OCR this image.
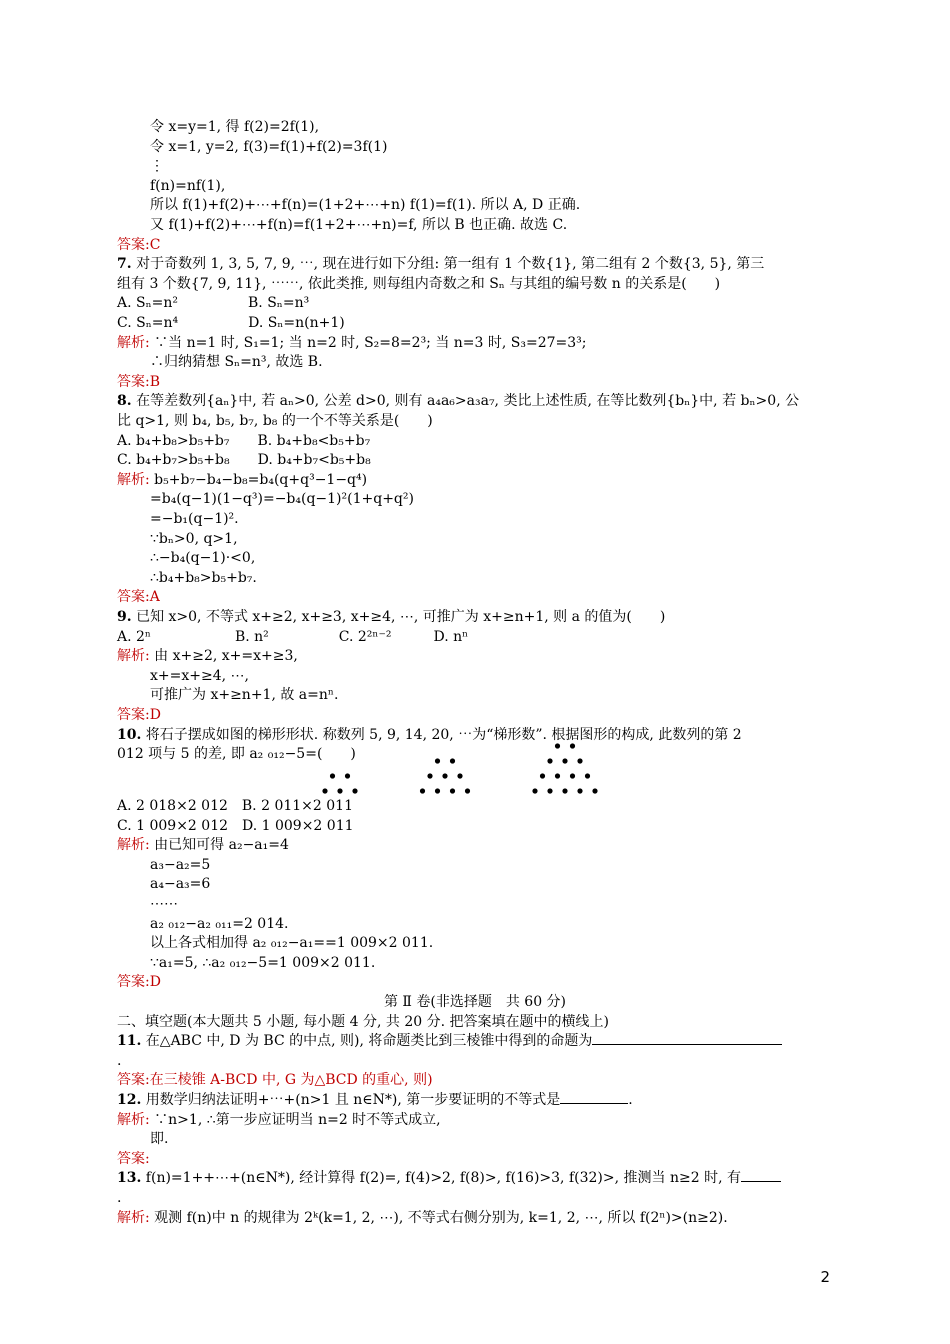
令 x=y=1, 得 f(2)=2f(1),
令 x=1, y=2, f(3)=f(1)+f(2)=3f(1)
⋮
f(n)=nf(1),
所以 f(1)+f(2)+⋯+f(n)=(1+2+⋯+n) f(1)=f(1). 所以 A, D 正确.
又 f(1)+f(2)+⋯+f(n)=f(1+2+⋯+n)=f, 所以 B 也正确. 故选 C.
答案:C
7. 对于奇数列 1, 3, 5, 7, 9, ⋯, 现在进行如下分组: 第一组有 1 个数{1}, 第二组有 2 个数{3, 5}, 第三
组有 3 个数{7, 9, 11}, ⋯⋯, 依此类推, 则每组内奇数之和 Sₙ 与其组的编号数 n 的关系是(　　)
A. Sₙ=n²　　　　　B. Sₙ=n³
C. Sₙ=n⁴　　　　　D. Sₙ=n(n+1)
解析: ∵当 n=1 时, S₁=1; 当 n=2 时, S₂=8=2³; 当 n=3 时, S₃=27=3³;
∴归纳猜想 Sₙ=n³, 故选 B.
答案:B
8. 在等差数列{aₙ}中, 若 aₙ>0, 公差 d>0, 则有 a₄a₆>a₃a₇, 类比上述性质, 在等比数列{bₙ}中, 若 bₙ>0, 公
比 q>1, 则 b₄, b₅, b₇, b₈ 的一个不等关系是(　　)
A. b₄+b₈>b₅+b₇　　B. b₄+b₈<b₅+b₇
C. b₄+b₇>b₅+b₈　　D. b₄+b₇<b₅+b₈
解析: b₅+b₇−b₄−b₈=b₄(q+q³−1−q⁴)
=b₄(q−1)(1−q³)=−b₄(q−1)²(1+q+q²)
=−b₁(q−1)².
∵bₙ>0, q>1,
∴−b₄(q−1)·<0,
∴b₄+b₈>b₅+b₇.
答案:A
9. 已知 x>0, 不等式 x+≥2, x+≥3, x+≥4, ⋯, 可推广为 x+≥n+1, 则 a 的值为(　　)
A. 2ⁿ　　　　　　B. n²　　　　　C. 2²ⁿ⁻²　　　D. nⁿ
解析: 由 x+≥2, x+=x+≥3,
x+=x+≥4, ⋯,
可推广为 x+≥n+1, 故 a=nⁿ.
答案:D
10. 将石子摆成如图的梯形形状. 称数列 5, 9, 14, 20, ⋯为“梯形数”. 根据图形的构成, 此数列的第 2
012 项与 5 的差, 即 a₂ ₀₁₂−5=(　　)
A. 2 018×2 012　B. 2 011×2 011
C. 1 009×2 012　D. 1 009×2 011
解析: 由已知可得 a₂−a₁=4
a₃−a₂=5
a₄−a₃=6
⋯⋯
a₂ ₀₁₂−a₂ ₀₁₁=2 014.
以上各式相加得 a₂ ₀₁₂−a₁==1 009×2 011.
∵a₁=5, ∴a₂ ₀₁₂−5=1 009×2 011.
答案:D
第 Ⅱ 卷(非选择题　共 60 分)
二、填空题(本大题共 5 小题, 每小题 4 分, 共 20 分. 把答案填在题中的横线上)
11. 在△ABC 中, D 为 BC 的中点, 则), 将命题类比到三棱锥中得到的命题为
.
答案:在三棱锥 A-BCD 中, G 为△BCD 的重心, 则)
12. 用数学归纳法证明+⋯+(n>1 且 n∈N*), 第一步要证明的不等式是	.
解析: ∵n>1, ∴第一步应证明当 n=2 时不等式成立,
即.
答案:
13. f(n)=1++⋯+(n∈N*), 经计算得 f(2)=, f(4)>2, f(8)>, f(16)>3, f(32)>, 推测当 n≥2 时, 有
.
解析: 观测 f(n)中 n 的规律为 2ᵏ(k=1, 2, ⋯), 不等式右侧分别为, k=1, 2, ⋯, 所以 f(2ⁿ)>(n≥2).
2
